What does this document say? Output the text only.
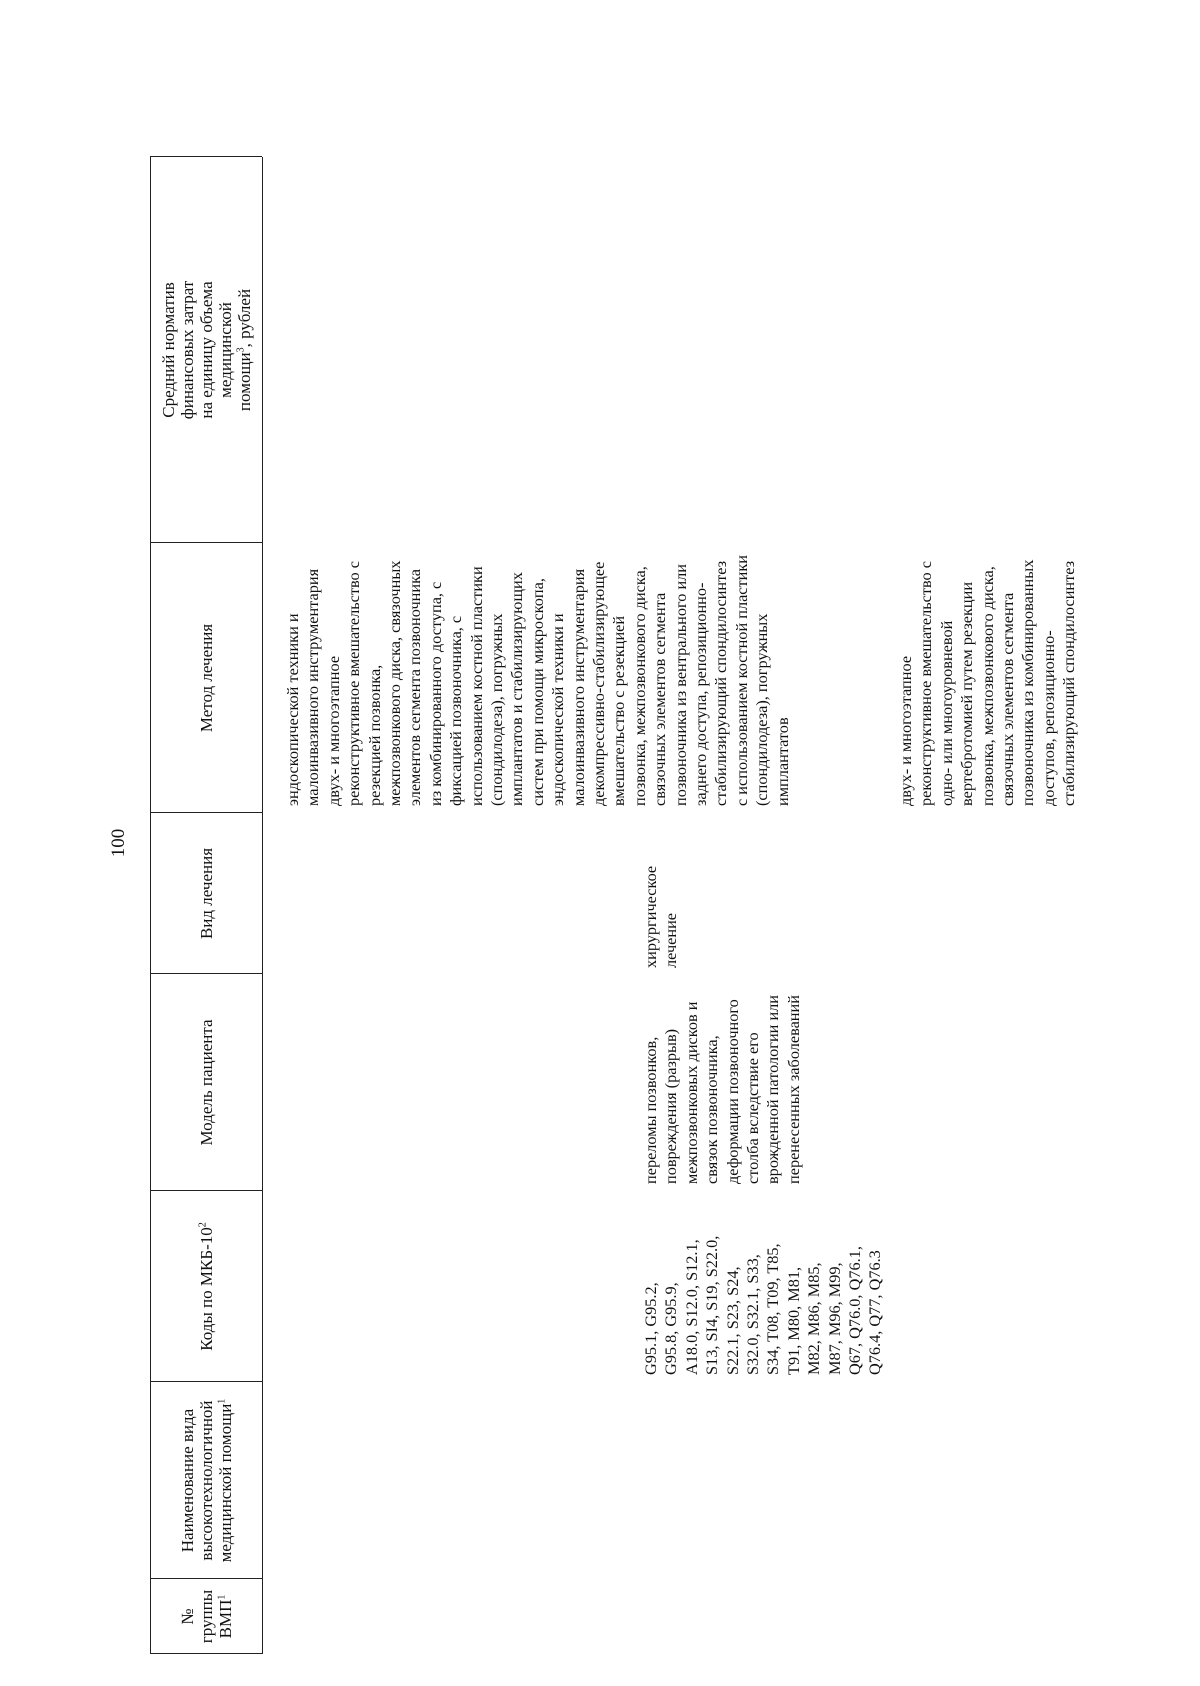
100
№
группы
ВМП$^1$
Наименование вида
высокотехнологичной
медицинской помощи$^1$
Коды по МКБ-$10^2$
Модель пациента
Вид лечения
Метод лечения
Средний норматив
финансовых затрат
на единицу объема
медицинской
помощи$^3$, рублей
эндоскопической техники и
малоинвазивного инструментария
двух- и многоэтапное
реконструктивное вмешательство с
резекцией позвонка,
межпозвонкового диска, связочных
элементов сегмента позвоночника
из комбинированного доступа, с
фиксацией позвоночника, с
использованием костной пластики
(спондилодеза), погружных
имплантатов и стабилизирующих
систем при помощи микроскопа,
эндоскопической техники и
малоинвазивного инструментария
G95.1, G95.2,
G95.8, G95.9,
A18.0, S12.0, S12.1,
S13, SI4, S19, S22.0,
S22.1, S23, S24,
S32.0, S32.1, S33,
S34, T08, T09, T85,
T91, M80, M81,
M82, M86, M85,
M87, M96, M99,
Q67, Q76.0, Q76.1,
Q76.4, Q77, Q76.3
переломы позвонков,
повреждения (разрыв)
межпозвонковых дисков и
связок позвоночника,
деформации позвоночного
столба вследствие его
врожденной патологии или
перенесенных заболеваний
хирургическое
лечение
декомпрессивно-стабилизирующее
вмешательство с резекцией
позвонка, межпозвонкового диска,
связочных элементов сегмента
позвоночника из вентрального или
заднего доступа, репозиционно-
стабилизирующий спондилосинтез
с использованием костной пластики
(спондилодеза), погружных
имплантатов	двух- и многоэтапное
реконструктивное вмешательство с
одно- или многоуровневой
вертебротомией путем резекции
позвонка, межпозвонкового диска,
связочных элементов сегмента
позвоночника из комбинированных
доступов, репозиционно-
стабилизирующий спондилосинтез
